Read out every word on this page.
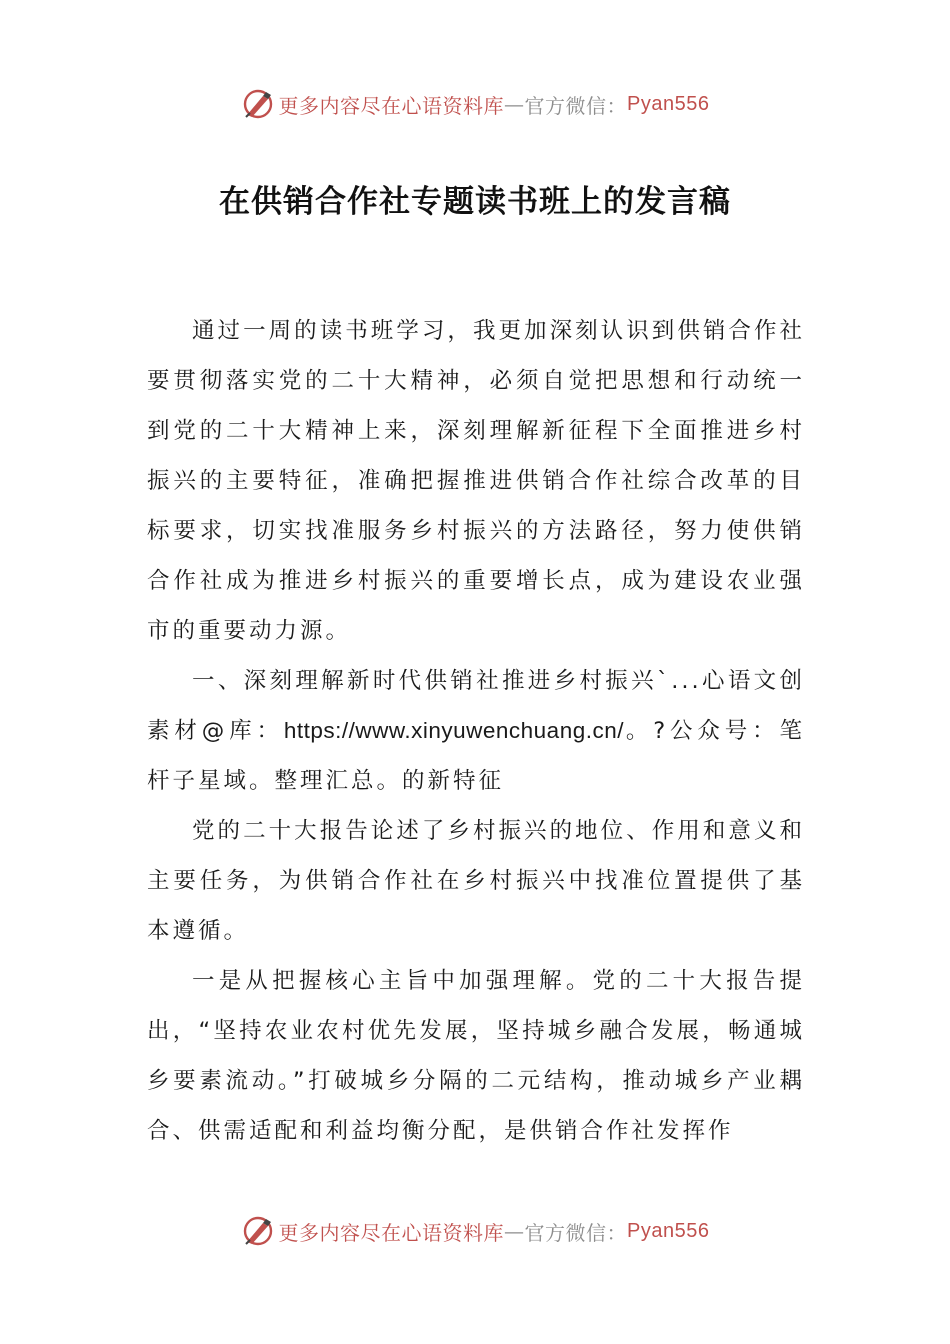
更多内容尽在心语资料库 — 官方微信： Pyan556
在供销合作社专题读书班上的发言稿

通过一周的读书班学习，我更加深刻认识到供销合作社要贯彻落实党的二十大精神，必须自觉把思想和行动统一到党的二十大精神上来，深刻理解新征程下全面推进乡村振兴的主要特征，准确把握推进供销合作社综合改革的目标要求，切实找准服务乡村振兴的方法路径，努力使供销合作社成为推进乡村振兴的重要增长点，成为建设农业强市的重要动力源。

一、深刻理解新时代供销社推进乡村振兴`...心语文创素材@库：https://www.xinyuwenchuang.cn/。?公众号：笔杆子星域。整理汇总。的新特征

党的二十大报告论述了乡村振兴的地位、作用和意义和主要任务，为供销合作社在乡村振兴中找准位置提供了基本遵循。

一是从把握核心主旨中加强理解。党的二十大报告提出，“坚持农业农村优先发展，坚持城乡融合发展，畅通城乡要素流动。”打破城乡分隔的二元结构，推动城乡产业耦合、供需适配和利益均衡分配，是供销合作社发挥作

更多内容尽在心语资料库 — 官方微信： Pyan556
